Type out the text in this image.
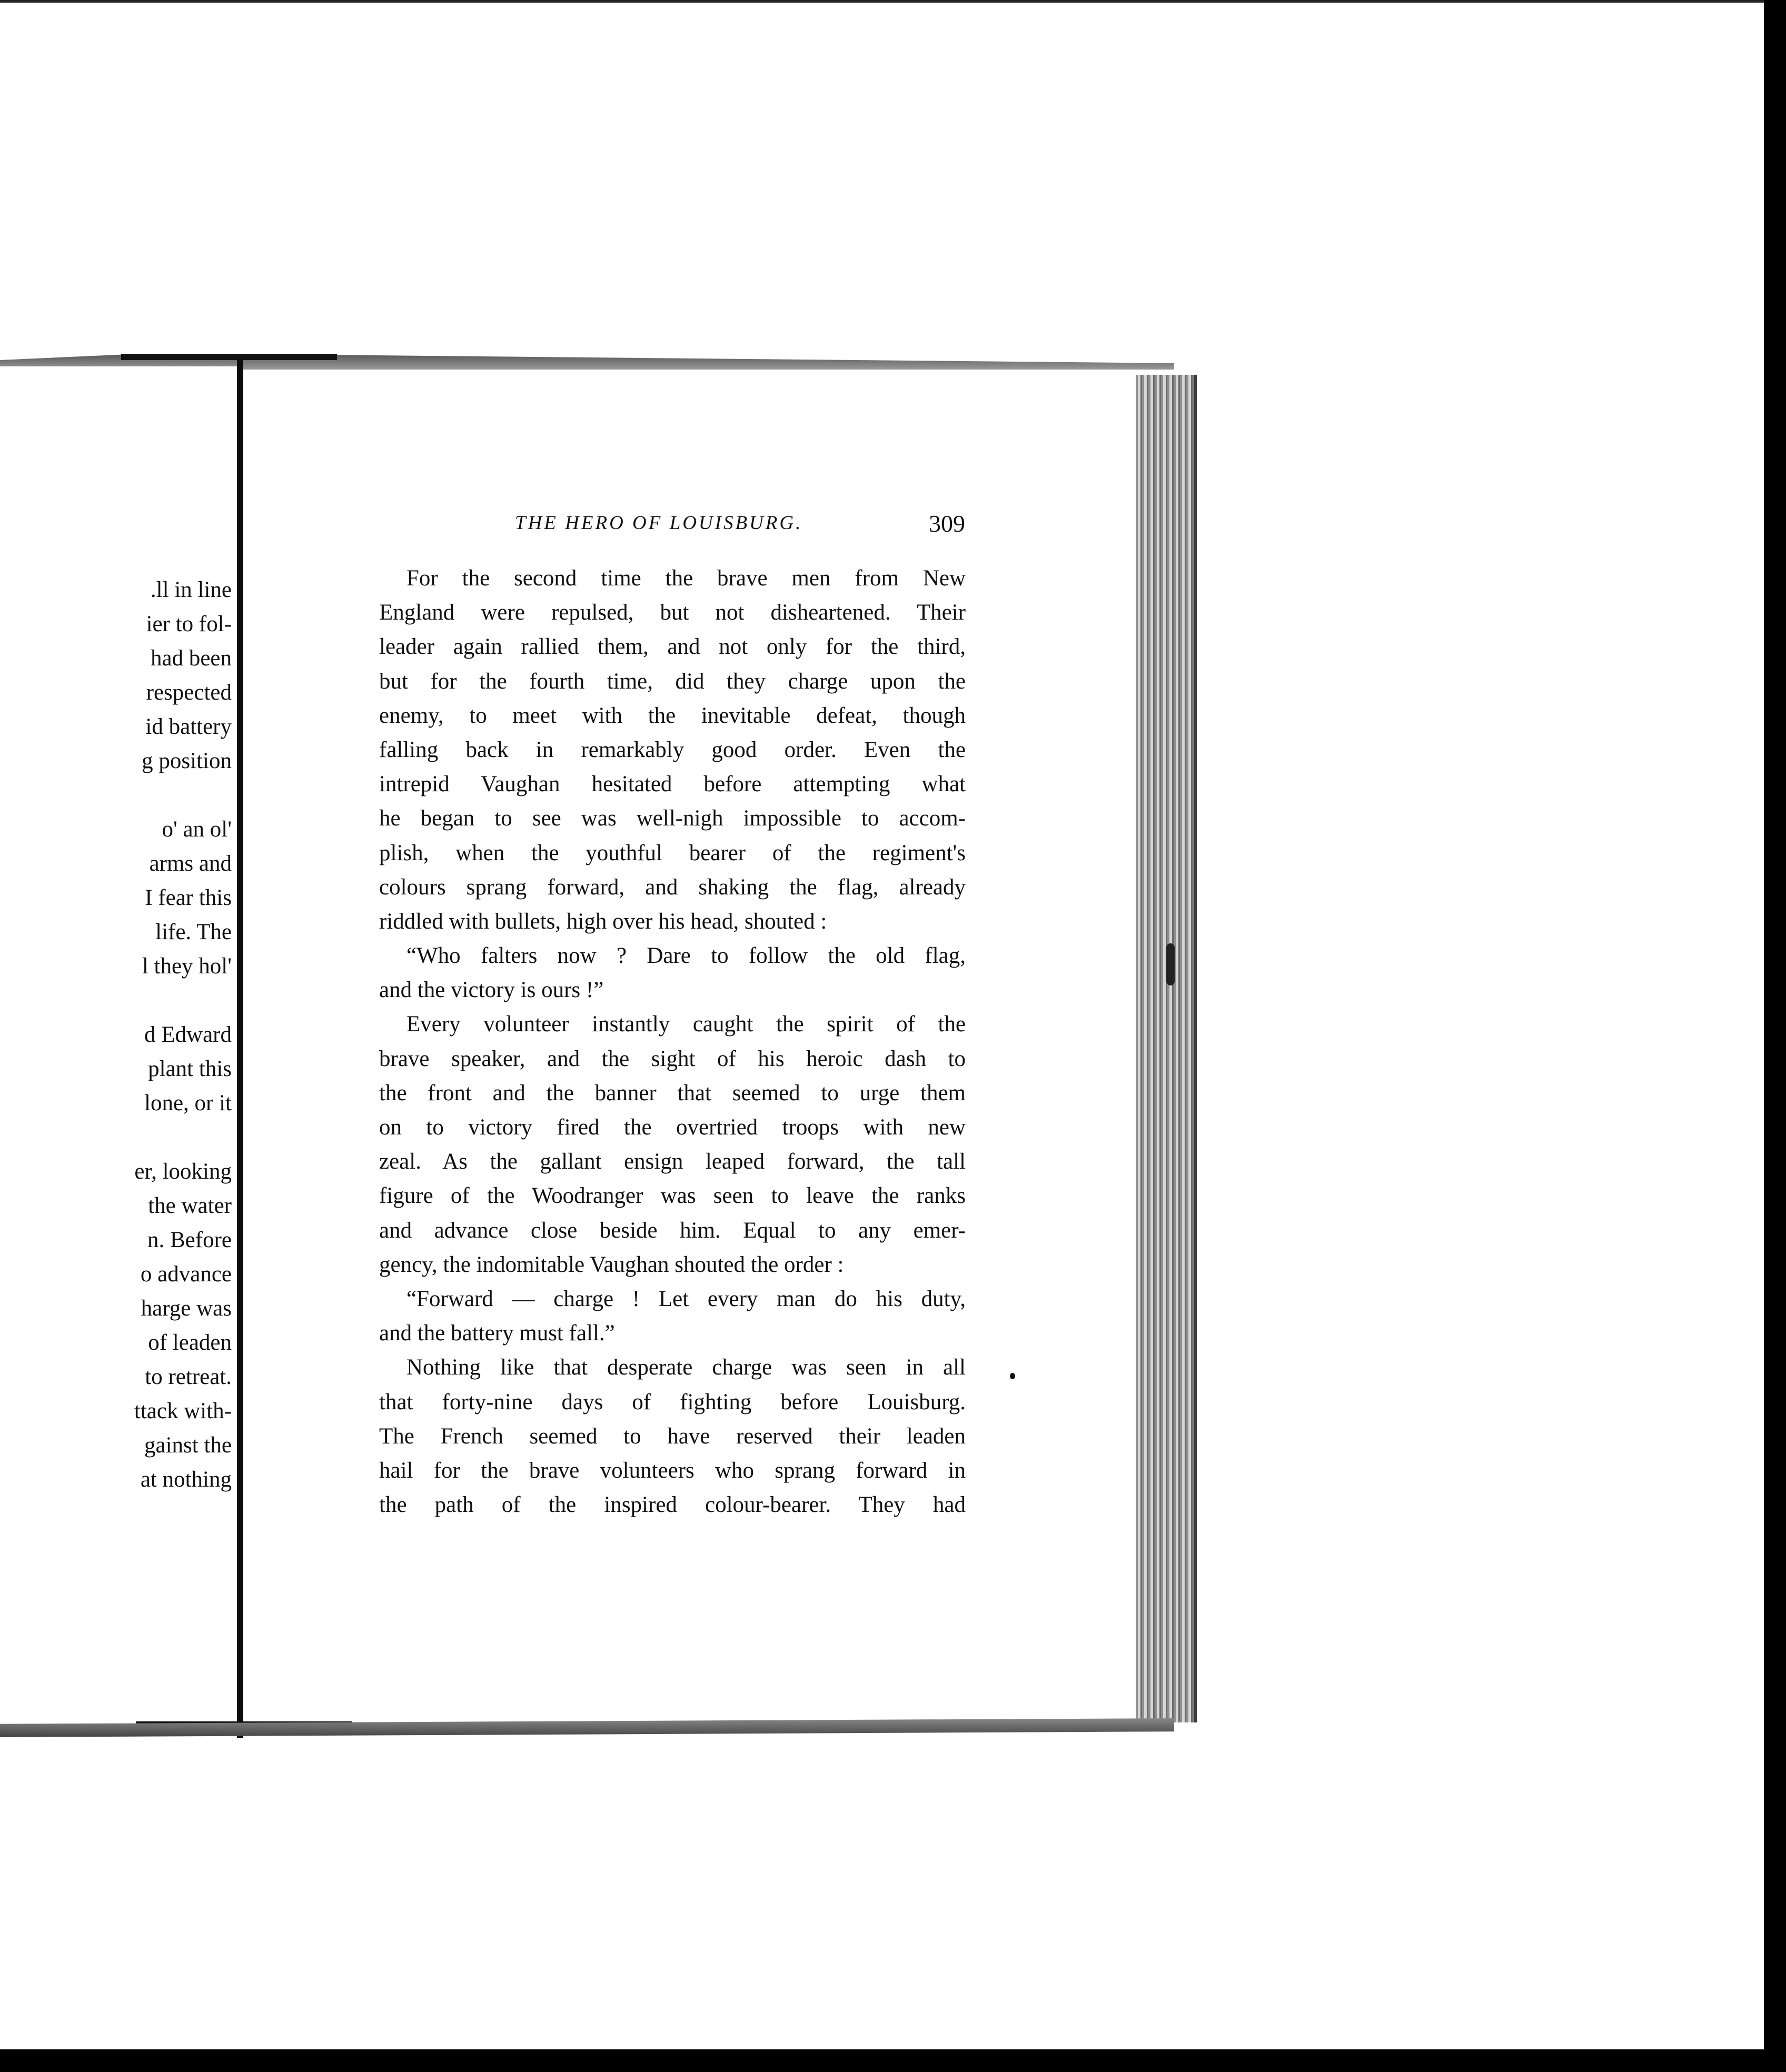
.ll in line
ier to fol-
had been
respected
id battery
g position
o' an ol'
arms and
I fear this
life. The
l they hol'
d Edward
plant this
lone, or it
er, looking
the water
n. Before
o advance
harge was
of leaden
to retreat.
ttack with-
gainst the
at nothing
THE HERO OF LOUISBURG.	309
For the second time the brave men from New
England were repulsed, but not disheartened. Their
leader again rallied them, and not only for the third,
but for the fourth time, did they charge upon the
enemy, to meet with the inevitable defeat, though
falling back in remarkably good order. Even the
intrepid Vaughan hesitated before attempting what
he began to see was well-nigh impossible to accom-
plish, when the youthful bearer of the regiment's
colours sprang forward, and shaking the flag, already
riddled with bullets, high over his head, shouted :
“Who falters now ? Dare to follow the old flag,
and the victory is ours !”
Every volunteer instantly caught the spirit of the
brave speaker, and the sight of his heroic dash to
the front and the banner that seemed to urge them
on to victory fired the overtried troops with new
zeal. As the gallant ensign leaped forward, the tall
figure of the Woodranger was seen to leave the ranks
and advance close beside him. Equal to any emer-
gency, the indomitable Vaughan shouted the order :
“Forward — charge ! Let every man do his duty,
and the battery must fall.”
Nothing like that desperate charge was seen in all
that forty-nine days of fighting before Louisburg.
The French seemed to have reserved their leaden
hail for the brave volunteers who sprang forward in
the path of the inspired colour-bearer. They had
